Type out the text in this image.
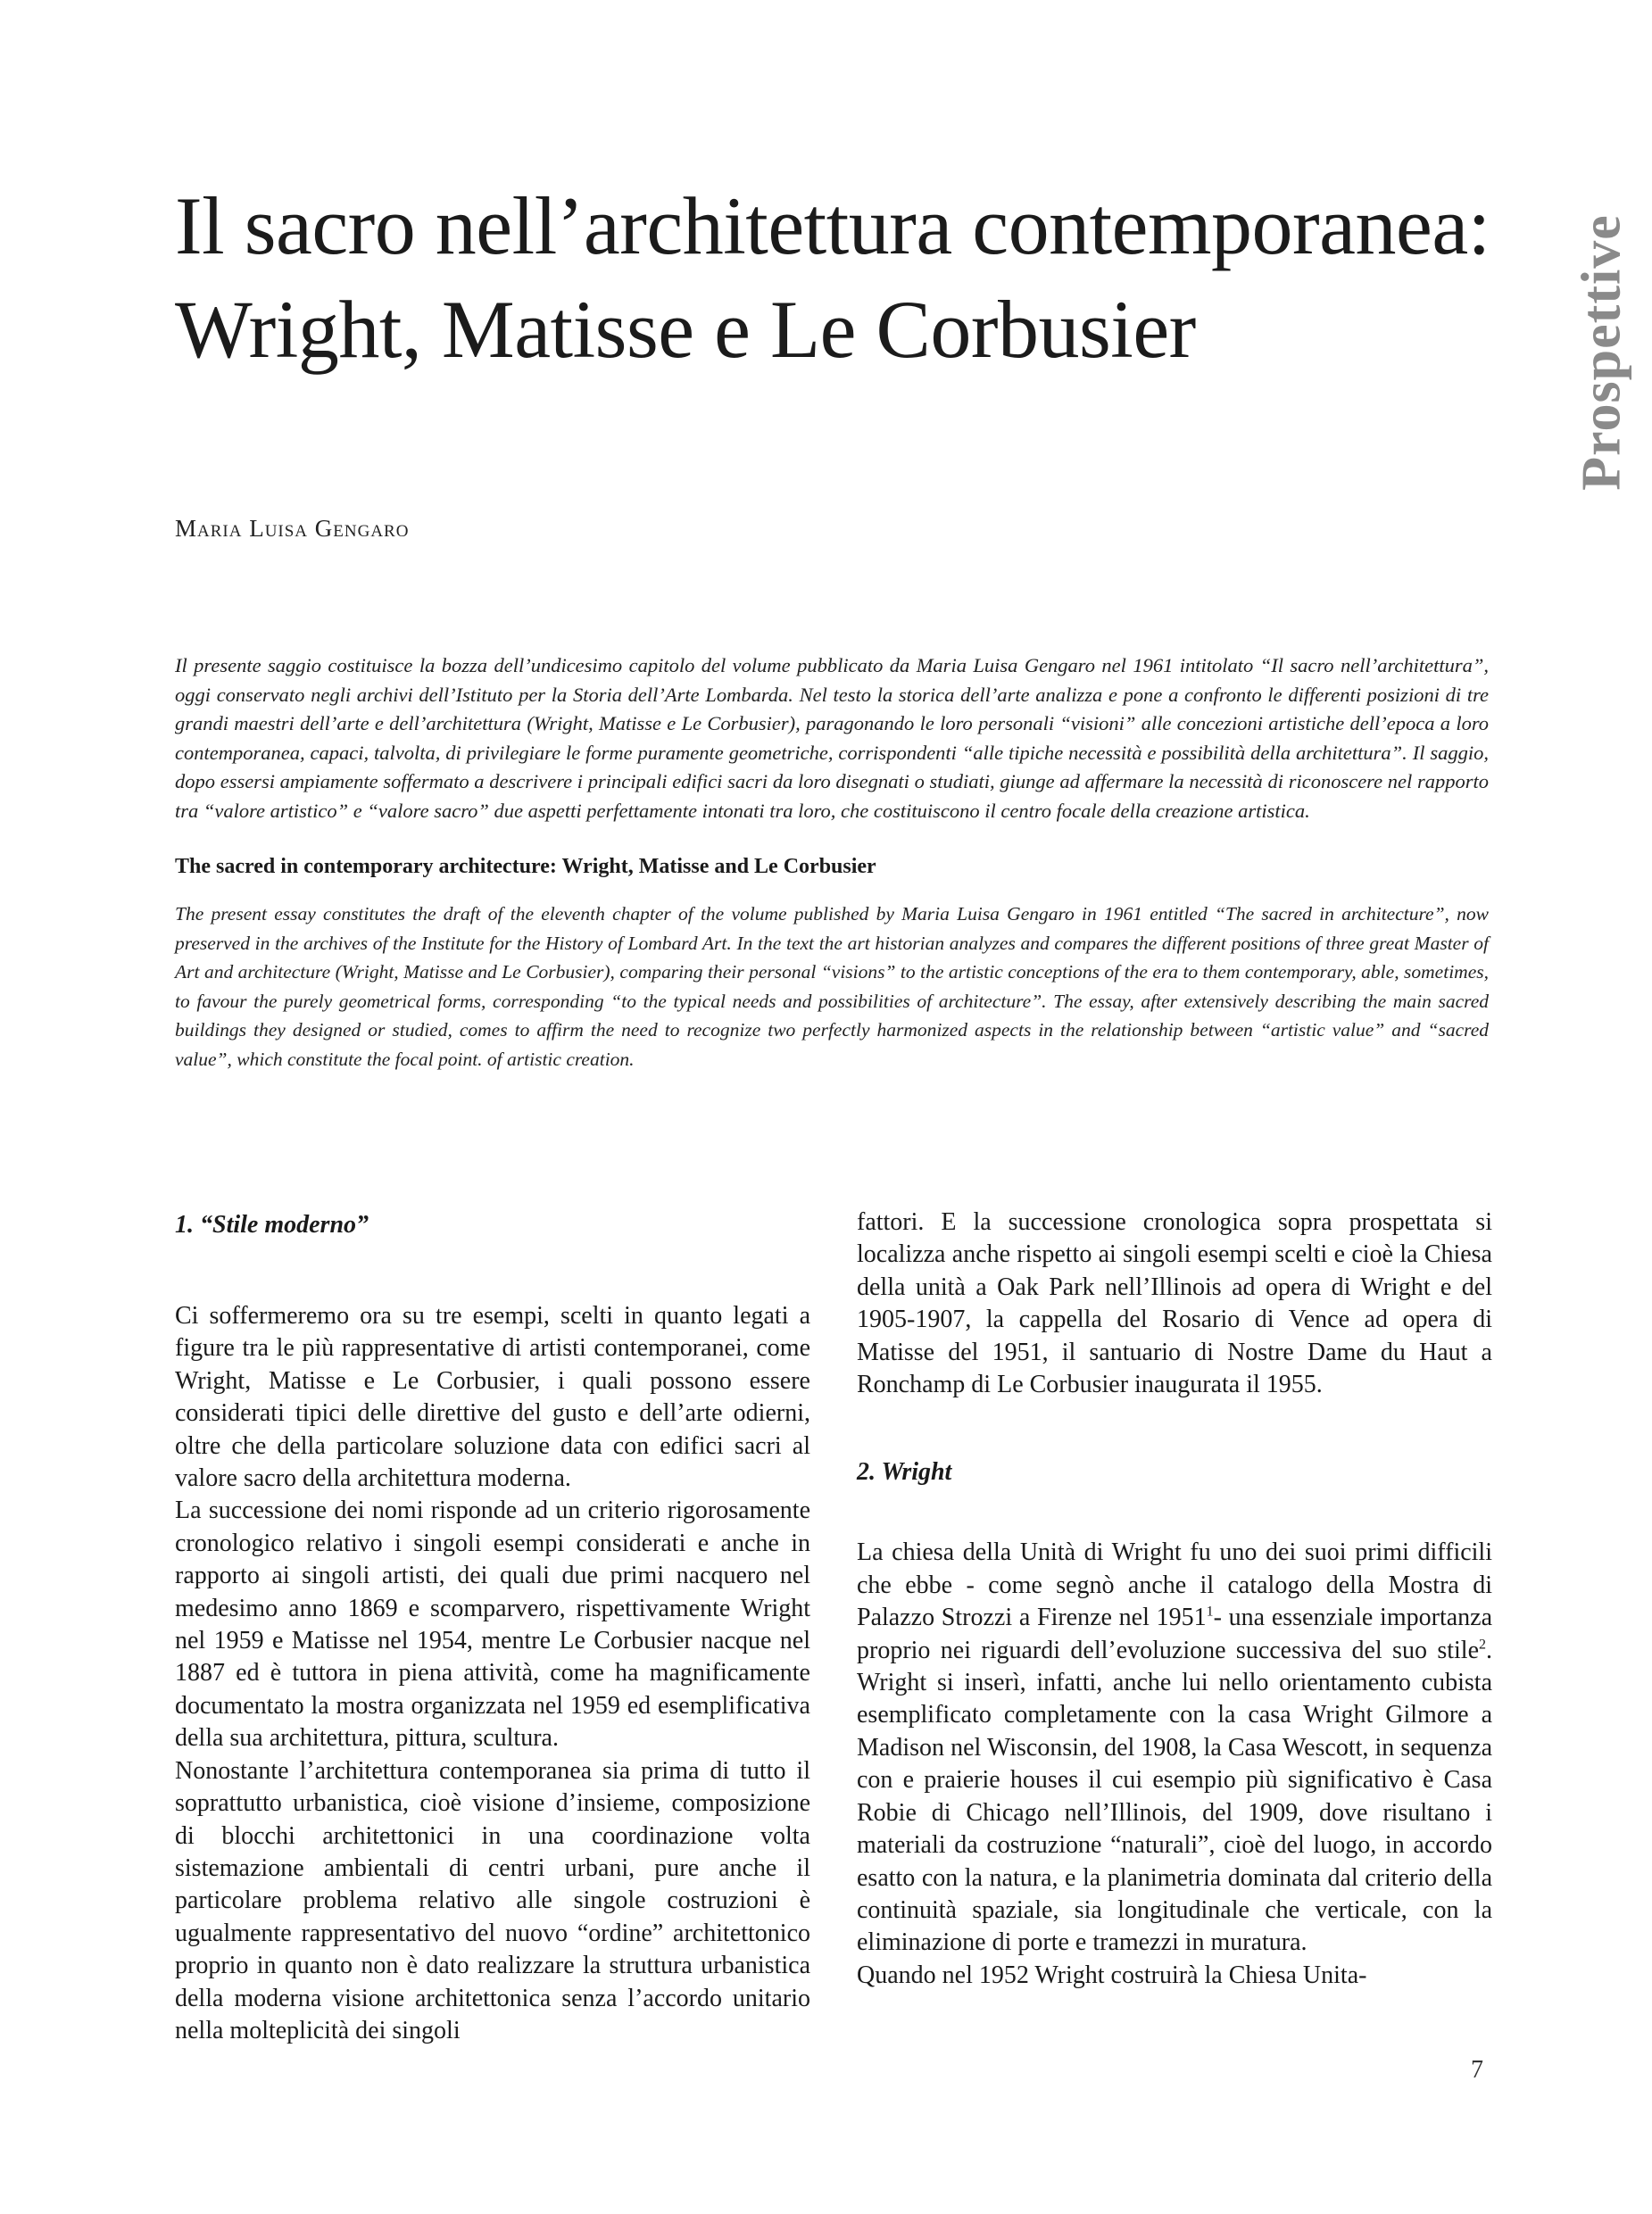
Il sacro nell’architettura contemporanea:
Wright, Matisse e Le Corbusier	Prospettive
Maria Luisa Gengaro

Il presente saggio costituisce la bozza dell’undicesimo capitolo del volume pubblicato da Maria Luisa Gengaro nel 1961 intitolato “Il sacro nell’architettura”, oggi conservato negli archivi dell’Istituto per la Storia dell’Arte Lombarda. Nel testo la storica dell’arte analizza e pone a confronto le differenti posizioni di tre grandi maestri dell’arte e dell’architettura (Wright, Matisse e Le Corbusier), paragonando le loro personali “visioni” alle concezioni artistiche dell’epoca a loro contemporanea, capaci, talvolta, di privilegiare le forme puramente geometriche, corrispondenti “alle tipiche necessità e possibilità della architettura”. Il saggio, dopo essersi ampiamente soffermato a descrivere i principali edifici sacri da loro disegnati o studiati, giunge ad affermare la necessità di riconoscere nel rapporto tra “valore artistico” e “valore sacro” due aspetti perfettamente intonati tra loro, che costituiscono il centro focale della creazione artistica.

The sacred in contemporary architecture: Wright, Matisse and Le Corbusier

The present essay constitutes the draft of the eleventh chapter of the volume published by Maria Luisa Gengaro in 1961 entitled “The sacred in architecture”, now preserved in the archives of the Institute for the History of Lombard Art. In the text the art historian analyzes and compares the different positions of three great Master of Art and architecture (Wright, Matisse and Le Corbusier), comparing their personal “visions” to the artistic conceptions of the era to them contemporary, able, sometimes, to favour the purely geometrical forms, corresponding “to the typical needs and possibilities of architecture”. The essay, after extensively describing the main sacred buildings they designed or studied, comes to affirm the need to recognize two perfectly harmonized aspects in the relationship between “artistic value” and “sacred value”, which constitute the focal point. of artistic creation.

1. “Stile moderno”

Ci soffermeremo ora su tre esempi, scelti in quanto legati a figure tra le più rappresentative di artisti contemporanei, come Wright, Matisse e Le Corbusier, i quali possono essere considerati tipici delle direttive del gusto e dell’arte odierni, oltre che della particolare soluzione data con edifici sacri al valore sacro della architettura moderna.

La successione dei nomi risponde ad un criterio rigorosamente cronologico relativo i singoli esempi considerati e anche in rapporto ai singoli artisti, dei quali due primi nacquero nel medesimo anno 1869 e scomparvero, rispettivamente Wright nel 1959 e Matisse nel 1954, mentre Le Corbusier nacque nel 1887 ed è tuttora in piena attività, come ha magnificamente documentato la mostra organizzata nel 1959 ed esemplificativa della sua architettura, pittura, scultura.

Nonostante l’architettura contemporanea sia prima di tutto il soprattutto urbanistica, cioè visione d’insieme, composizione di blocchi architettonici in una coordinazione volta sistemazione ambientali di centri urbani, pure anche il particolare problema relativo alle singole costruzioni è ugualmente rappresentativo del nuovo “ordine” architettonico proprio in quanto non è dato realizzare la struttura urbanistica della moderna visione architettonica senza l’accordo unitario nella molteplicità dei singoli

fattori. E la successione cronologica sopra prospettata si localizza anche rispetto ai singoli esempi scelti e cioè la Chiesa della unità a Oak Park nell’Illinois ad opera di Wright e del 1905-1907, la cappella del Rosario di Vence ad opera di Matisse del 1951, il santuario di Nostre Dame du Haut a Ronchamp di Le Corbusier inaugurata il 1955.

2. Wright

La chiesa della Unità di Wright fu uno dei suoi primi difficili che ebbe - come segnò anche il catalogo della Mostra di Palazzo Strozzi a Firenze nel 1951$^1$- una essenziale importanza proprio nei riguardi dell’evoluzione successiva del suo stile$^2$. Wright si inserì, infatti, anche lui nello orientamento cubista esemplificato completamente con la casa Wright Gilmore a Madison nel Wisconsin, del 1908, la Casa Wescott, in sequenza con e praierie houses il cui esempio più significativo è Casa Robie di Chicago nell’Illinois, del 1909, dove risultano i materiali da costruzione “naturali”, cioè del luogo, in accordo esatto con la natura, e la planimetria dominata dal criterio della continuità spaziale, sia longitudinale che verticale, con la eliminazione di porte e tramezzi in muratura.

Quando nel 1952 Wright costruirà la Chiesa Unita-

7
